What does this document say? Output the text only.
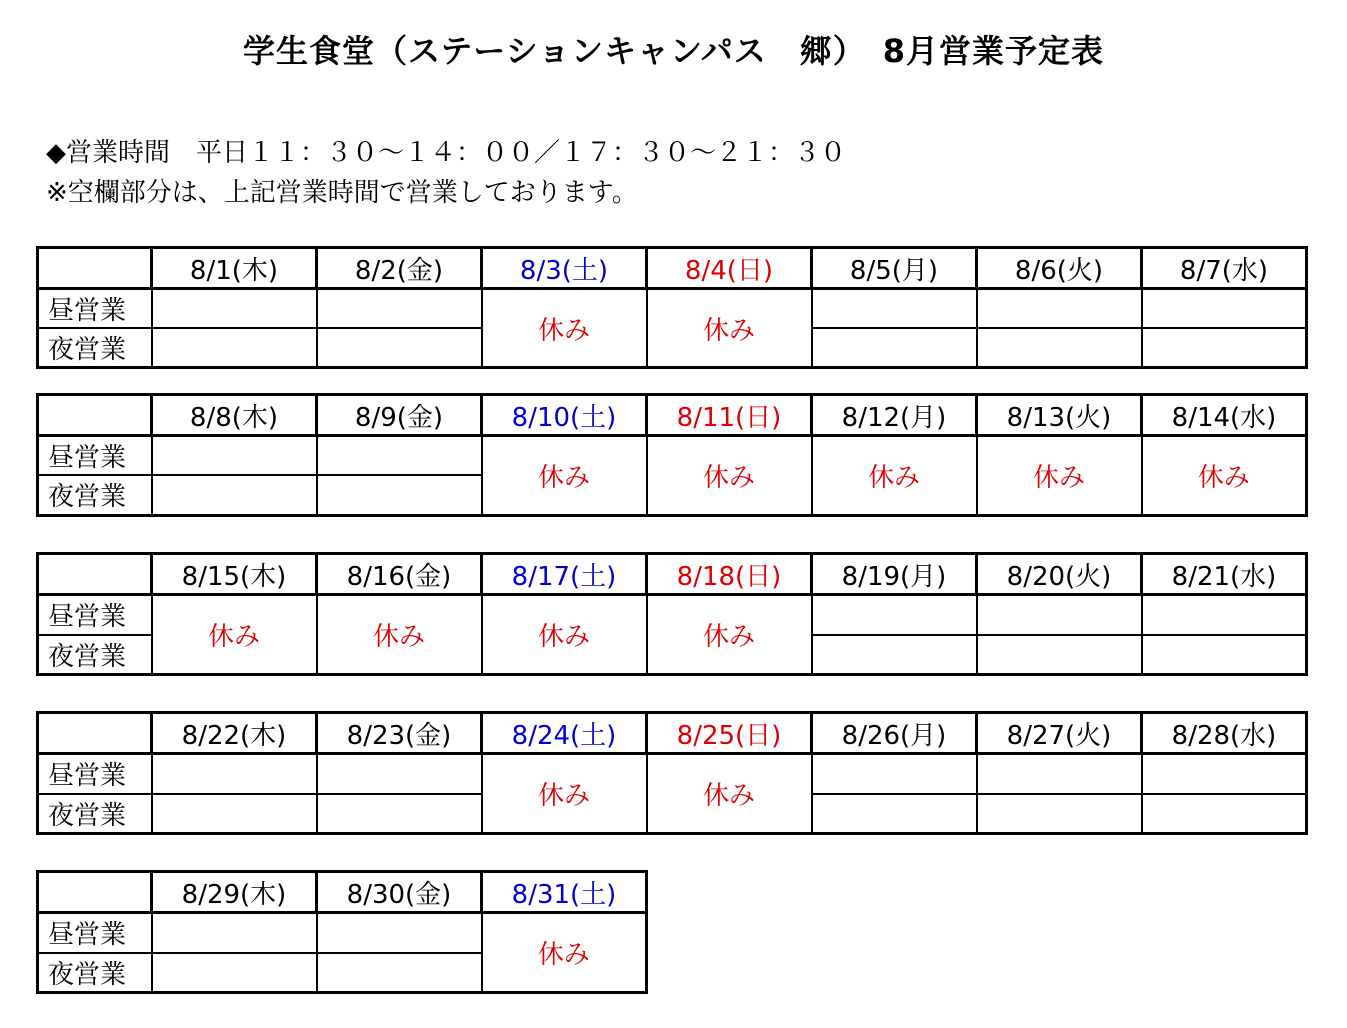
学生食堂（ステーションキャンパス　郷）　8月営業予定表
◆営業時間　平日１１：３０～１４：００／１７：３０～２１：３０
※空欄部分は、上記営業時間で営業しております。
	8/1(木)	8/2(金)	8/3(土)	8/4(日)	8/5(月)	8/6(火)	8/7(水)
昼営業			休み	休み			
夜営業							
	8/8(木)	8/9(金)	8/10(土)	8/11(日)	8/12(月)	8/13(火)	8/14(水)
昼営業			休み	休み	休み	休み	休み
夜営業							
	8/15(木)	8/16(金)	8/17(土)	8/18(日)	8/19(月)	8/20(火)	8/21(水)
昼営業	休み	休み	休み	休み			
夜営業							
	8/22(木)	8/23(金)	8/24(土)	8/25(日)	8/26(月)	8/27(火)	8/28(水)
昼営業			休み	休み			
夜営業							
	8/29(木)	8/30(金)	8/31(土)
昼営業			休み
夜営業			
